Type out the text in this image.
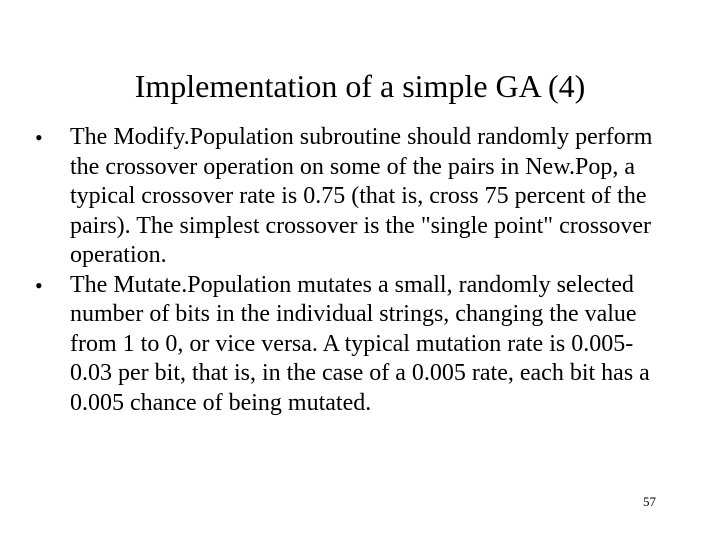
Implementation of a simple GA (4)
• The Modify.Population subroutine should randomly perform the crossover operation on some of the pairs in New.Pop, a typical crossover rate is 0.75 (that is, cross 75 percent of the pairs). The simplest crossover is the "single point" crossover operation.
• The Mutate.Population mutates a small, randomly selected number of bits in the individual strings, changing the value from 1 to 0, or vice versa. A typical mutation rate is 0.005-0.03 per bit, that is, in the case of a 0.005 rate, each bit has a 0.005 chance of being mutated.
57
